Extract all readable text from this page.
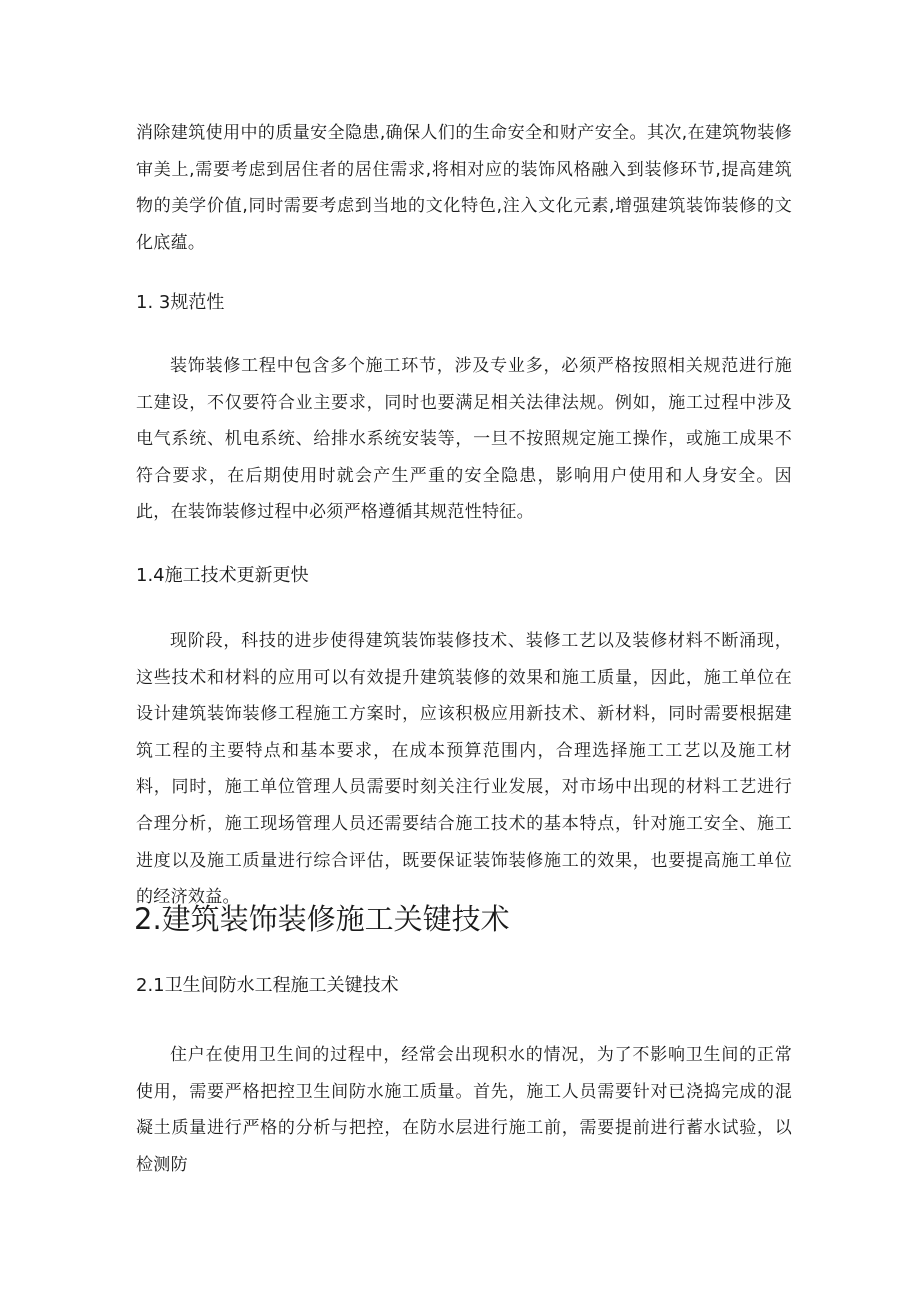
消除建筑使用中的质量安全隐患,确保人们的生命安全和财产安全。其次,在建筑物装修审美上,需要考虑到居住者的居住需求,将相对应的装饰风格融入到装修环节,提高建筑物的美学价值,同时需要考虑到当地的文化特色,注入文化元素,增强建筑装饰装修的文化底蕴。

1. 3规范性

装饰装修工程中包含多个施工环节，涉及专业多，必须严格按照相关规范进行施工建设，不仅要符合业主要求，同时也要满足相关法律法规。例如，施工过程中涉及电气系统、机电系统、给排水系统安装等，一旦不按照规定施工操作，或施工成果不符合要求，在后期使用时就会产生严重的安全隐患，影响用户使用和人身安全。因此，在装饰装修过程中必须严格遵循其规范性特征。

1.4施工技术更新更快

现阶段，科技的进步使得建筑装饰装修技术、装修工艺以及装修材料不断涌现，这些技术和材料的应用可以有效提升建筑装修的效果和施工质量，因此，施工单位在设计建筑装饰装修工程施工方案时，应该积极应用新技术、新材料，同时需要根据建筑工程的主要特点和基本要求，在成本预算范围内，合理选择施工工艺以及施工材料，同时，施工单位管理人员需要时刻关注行业发展，对市场中出现的材料工艺进行合理分析，施工现场管理人员还需要结合施工技术的基本特点，针对施工安全、施工进度以及施工质量进行综合评估，既要保证装饰装修施工的效果，也要提高施工单位的经济效益。

2.建筑装饰装修施工关键技术
2.1卫生间防水工程施工关键技术

住户在使用卫生间的过程中，经常会出现积水的情况，为了不影响卫生间的正常使用，需要严格把控卫生间防水施工质量。首先，施工人员需要针对已浇捣完成的混凝土质量进行严格的分析与把控，在防水层进行施工前，需要提前进行蓄水试验，以检测防
